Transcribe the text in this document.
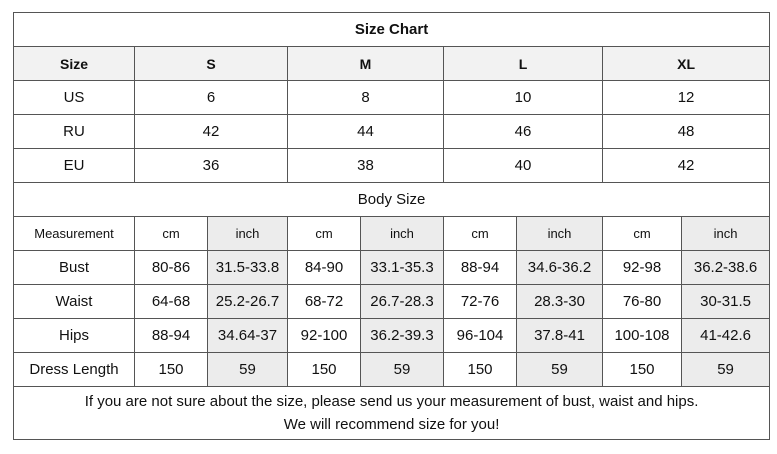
Size Chart								
Size	S		M		L		XL	
US	6		8		10		12	
RU	42		44		46		48	
EU	36		38		40		42	
Body Size								
Measurement	cm	inch	cm	inch	cm	inch	cm	inch
Bust	80-86	31.5-33.8	84-90	33.1-35.3	88-94	34.6-36.2	92-98	36.2-38.6
Waist	64-68	25.2-26.7	68-72	26.7-28.3	72-76	28.3-30	76-80	30-31.5
Hips	88-94	34.64-37	92-100	36.2-39.3	96-104	37.8-41	100-108	41-42.6
Dress Length	150	59	150	59	150	59	150	59

If you are not sure about the size, please send us your measurement of bust, waist and hips.
We will recommend size for you!								
